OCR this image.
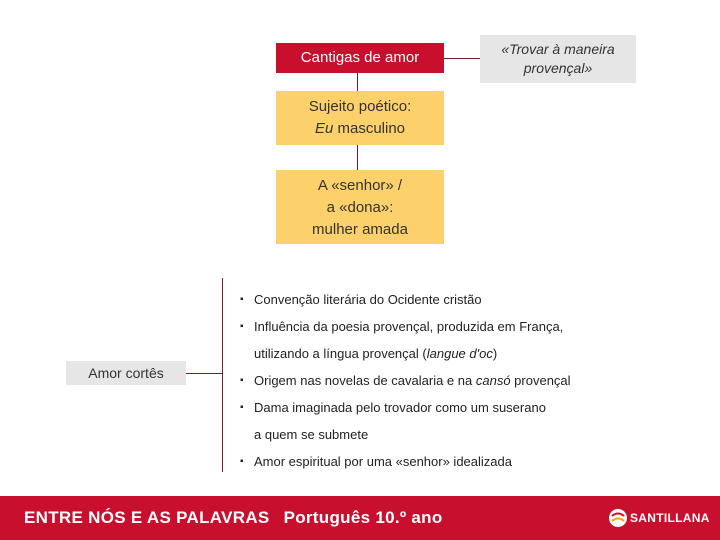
Cantigas de amor	«Trovar à maneira
provençal»
Sujeito poético:
Eu masculino
A «senhor» /
a «dona»:
mulher amada
Amor cortês
▪ Convenção literária do Ocidente cristão
▪ Influência da poesia provençal, produzida em França,
utilizando a língua provençal (langue d'oc)
▪ Origem nas novelas de cavalaria e na cansó provençal
▪ Dama imaginada pelo trovador como um suserano
a quem se submete
▪ Amor espiritual por uma «senhor» idealizada
ENTRE NÓS E AS PALAVRAS Português 10.º ano	SANTILLANA
